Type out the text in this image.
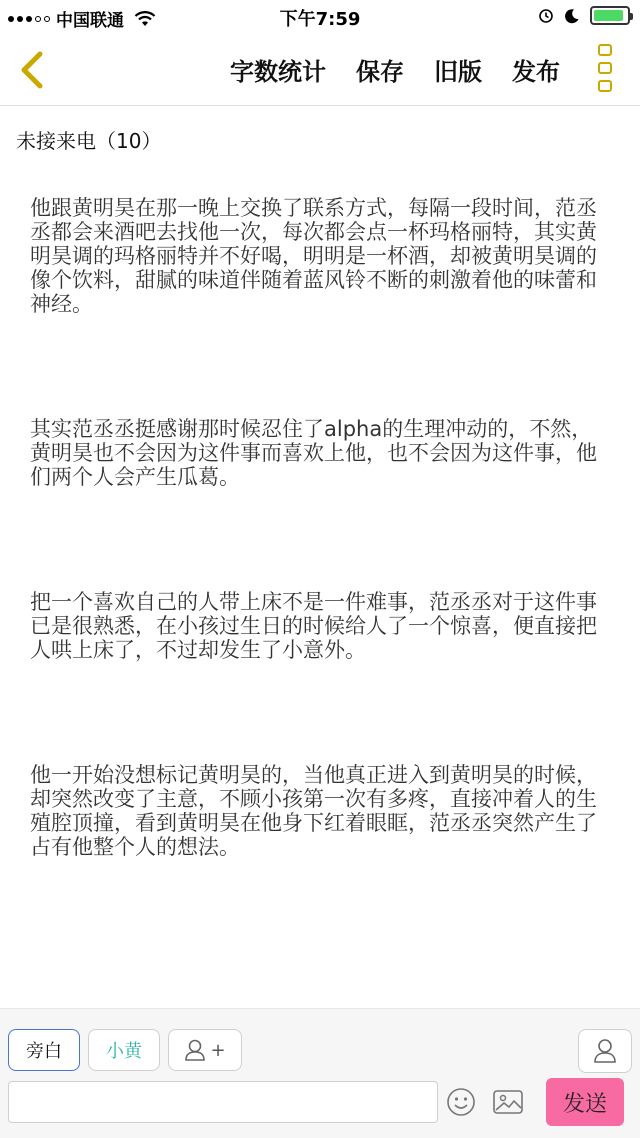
中国联通	下午7:59
字数统计 保存 旧版 发布
未接来电（10）

他跟黄明昊在那一晚上交换了联系方式，每隔一段时间，范丞丞都会来酒吧去找他一次，每次都会点一杯玛格丽特，其实黄明昊调的玛格丽特并不好喝，明明是一杯酒，却被黄明昊调的像个饮料，甜腻的味道伴随着蓝风铃不断的刺激着他的味蕾和神经。

其实范丞丞挺感谢那时候忍住了alpha的生理冲动的，不然，黄明昊也不会因为这件事而喜欢上他，也不会因为这件事，他们两个人会产生瓜葛。

把一个喜欢自己的人带上床不是一件难事，范丞丞对于这件事已是很熟悉，在小孩过生日的时候给人了一个惊喜，便直接把人哄上床了，不过却发生了小意外。

他一开始没想标记黄明昊的，当他真正进入到黄明昊的时候，却突然改变了主意，不顾小孩第一次有多疼，直接冲着人的生殖腔顶撞，看到黄明昊在他身下红着眼眶，范丞丞突然产生了占有他整个人的想法。

旁白	小黄	+
发送
